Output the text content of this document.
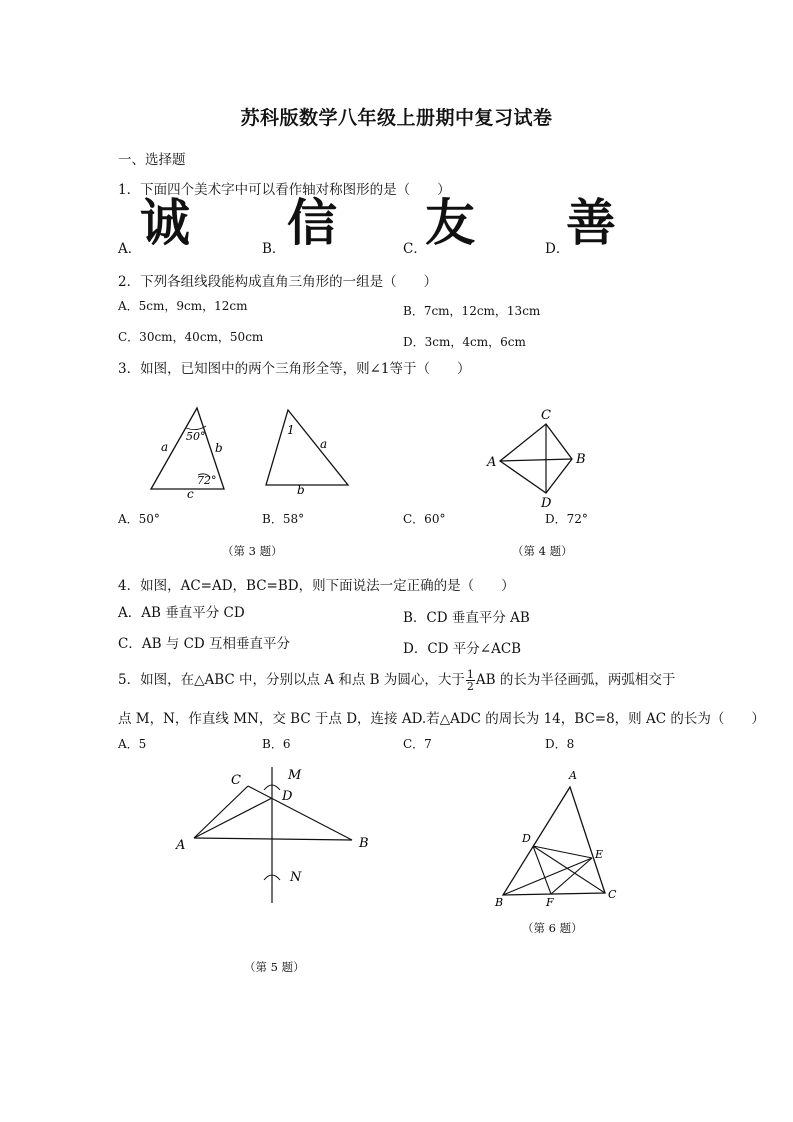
苏科版数学八年级上册期中复习试卷
一、选择题
1．下面四个美术字中可以看作轴对称图形的是（　　）
A．
诚	B． 信	C．
友	D．
善
2．下列各组线段能构成直角三角形的一组是（　　）
A．5cm，9cm，12cm	B．7cm，12cm，13cm
C．30cm，40cm，50cm	D．3cm，4cm，6cm
3．如图，已知图中的两个三角形全等，则∠1等于（　　）
50°
72°
a	b
c
1
a
b
C
B
D
A
A．50°	B．58°	C．60°	D．72°
（第 3 题）	（第 4 题）
4．如图，AC=AD，BC=BD，则下面说法一定正确的是（　　）
A．AB 垂直平分 CD	B．CD 垂直平分 AB
C．AB 与 CD 互相垂直平分	D．CD 平分∠ACB
5．如图，在△ABC 中，分别以点 A 和点 B 为圆心，大于 $\frac{1}{2}$ AB 的长为半径画弧，两弧相交于
点 M，N，作直线 MN，交 BC 于点 D，连接 AD.若△ADC 的周长为 14，BC=8，则 AC 的长为（　　）
A．5	B．6	C．7	D．8
C	M
D
A	B
N
A
D
E
B	F
C
（第 6 题）
（第 5 题）
